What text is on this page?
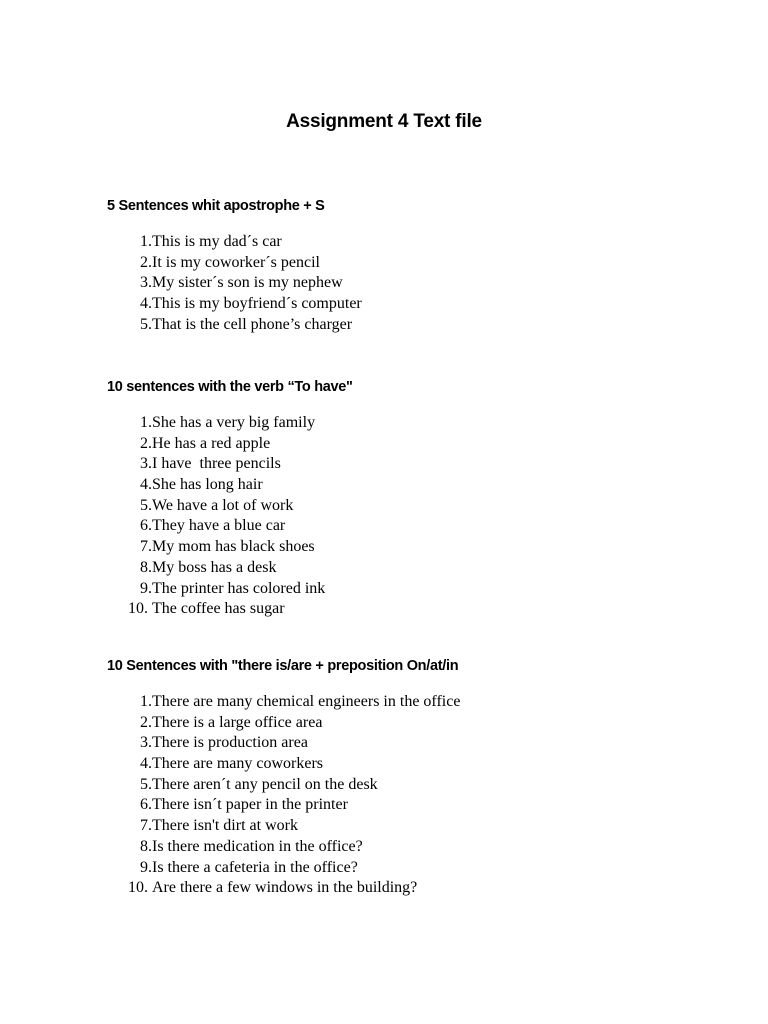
Assignment 4 Text file
5 Sentences whit apostrophe + S
1.This is my dad´s car
2.It is my coworker´s pencil
3.My sister´s son is my nephew
4.This is my boyfriend´s computer
5.That is the cell phone’s charger
10 sentences with the verb “To have"
1.She has a very big family
2.He has a red apple
3.I have  three pencils
4.She has long hair
5.We have a lot of work
6.They have a blue car
7.My mom has black shoes
8.My boss has a desk
9.The printer has colored ink
10. The coffee has sugar
10 Sentences with "there is/are + preposition On/at/in
1.There are many chemical engineers in the office
2.There is a large office area
3.There is production area
4.There are many coworkers
5.There aren´t any pencil on the desk
6.There isn´t paper in the printer
7.There isn't dirt at work
8.Is there medication in the office?
9.Is there a cafeteria in the office?
10. Are there a few windows in the building?
